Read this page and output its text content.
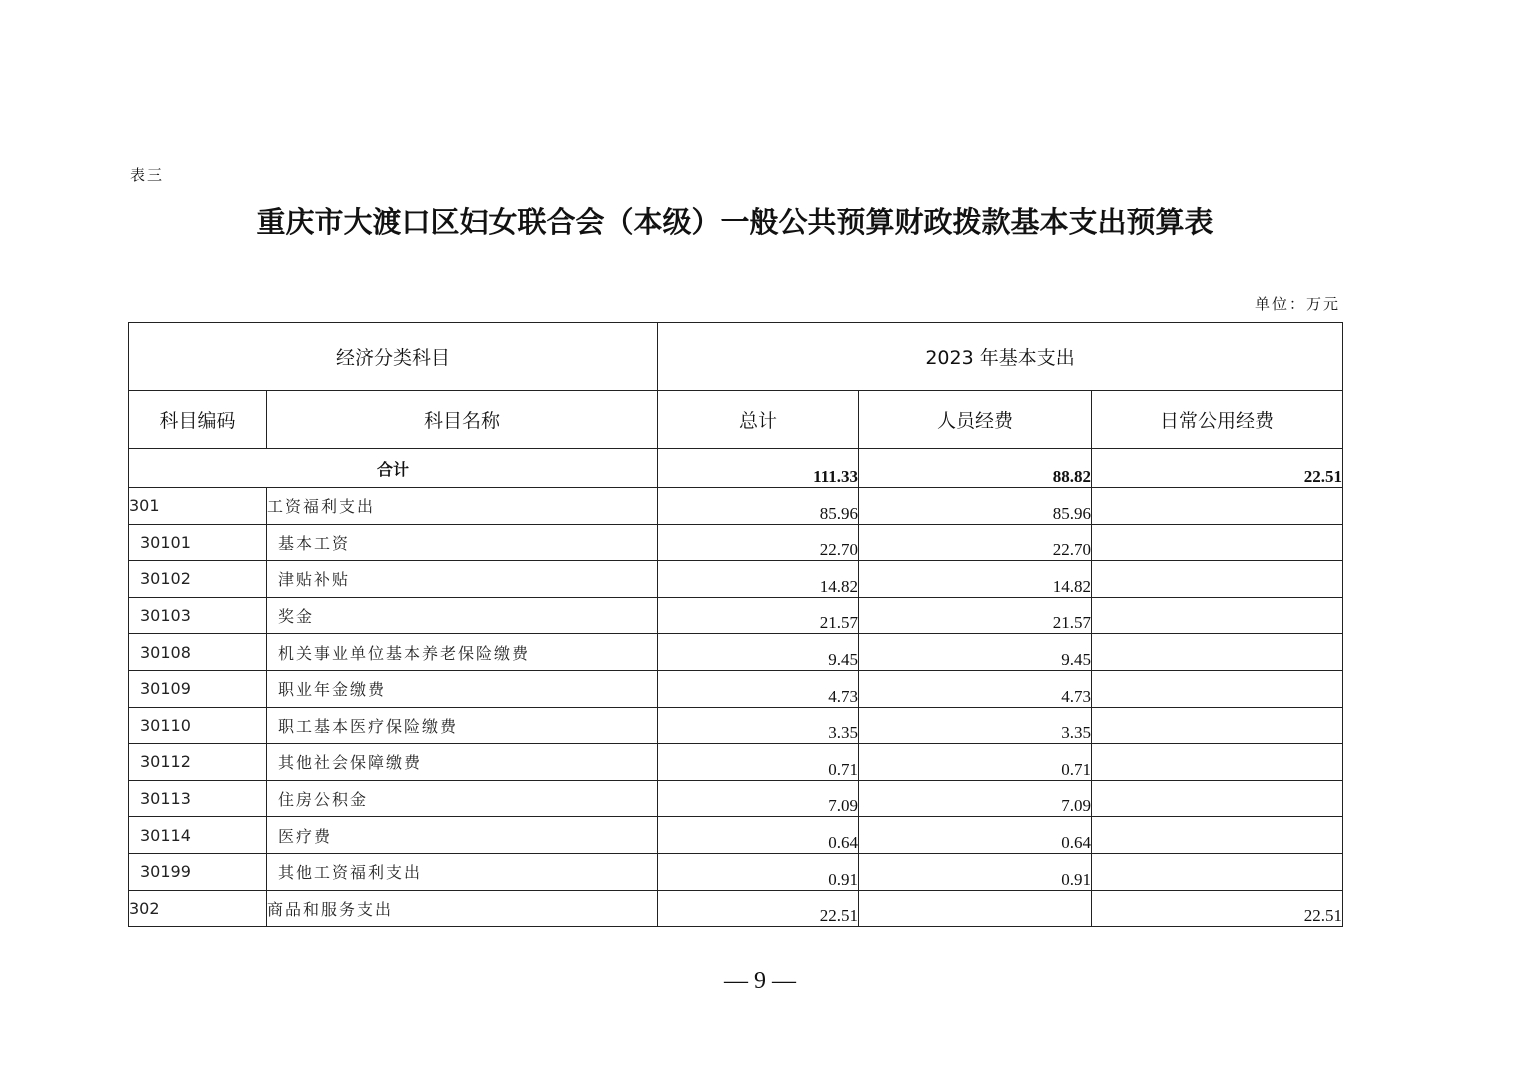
表三
重庆市大渡口区妇女联合会（本级）一般公共预算财政拨款基本支出预算表
单位：万元
经济分类科目		2023 年基本支出		
科目编码	科目名称	总计	人员经费	日常公用经费
合计		111.33	88.82	22.51
301	工资福利支出	85.96	85.96	
30101	基本工资	22.70	22.70	
30102	津贴补贴	14.82	14.82	
30103	奖金	21.57	21.57	
30108	机关事业单位基本养老保险缴费	9.45	9.45	
30109	职业年金缴费	4.73	4.73	
30110	职工基本医疗保险缴费	3.35	3.35	
30112	其他社会保障缴费	0.71	0.71	
30113	住房公积金	7.09	7.09	
30114	医疗费	0.64	0.64	
30199	其他工资福利支出	0.91	0.91	
302	商品和服务支出	22.51		22.51
— 9 —
